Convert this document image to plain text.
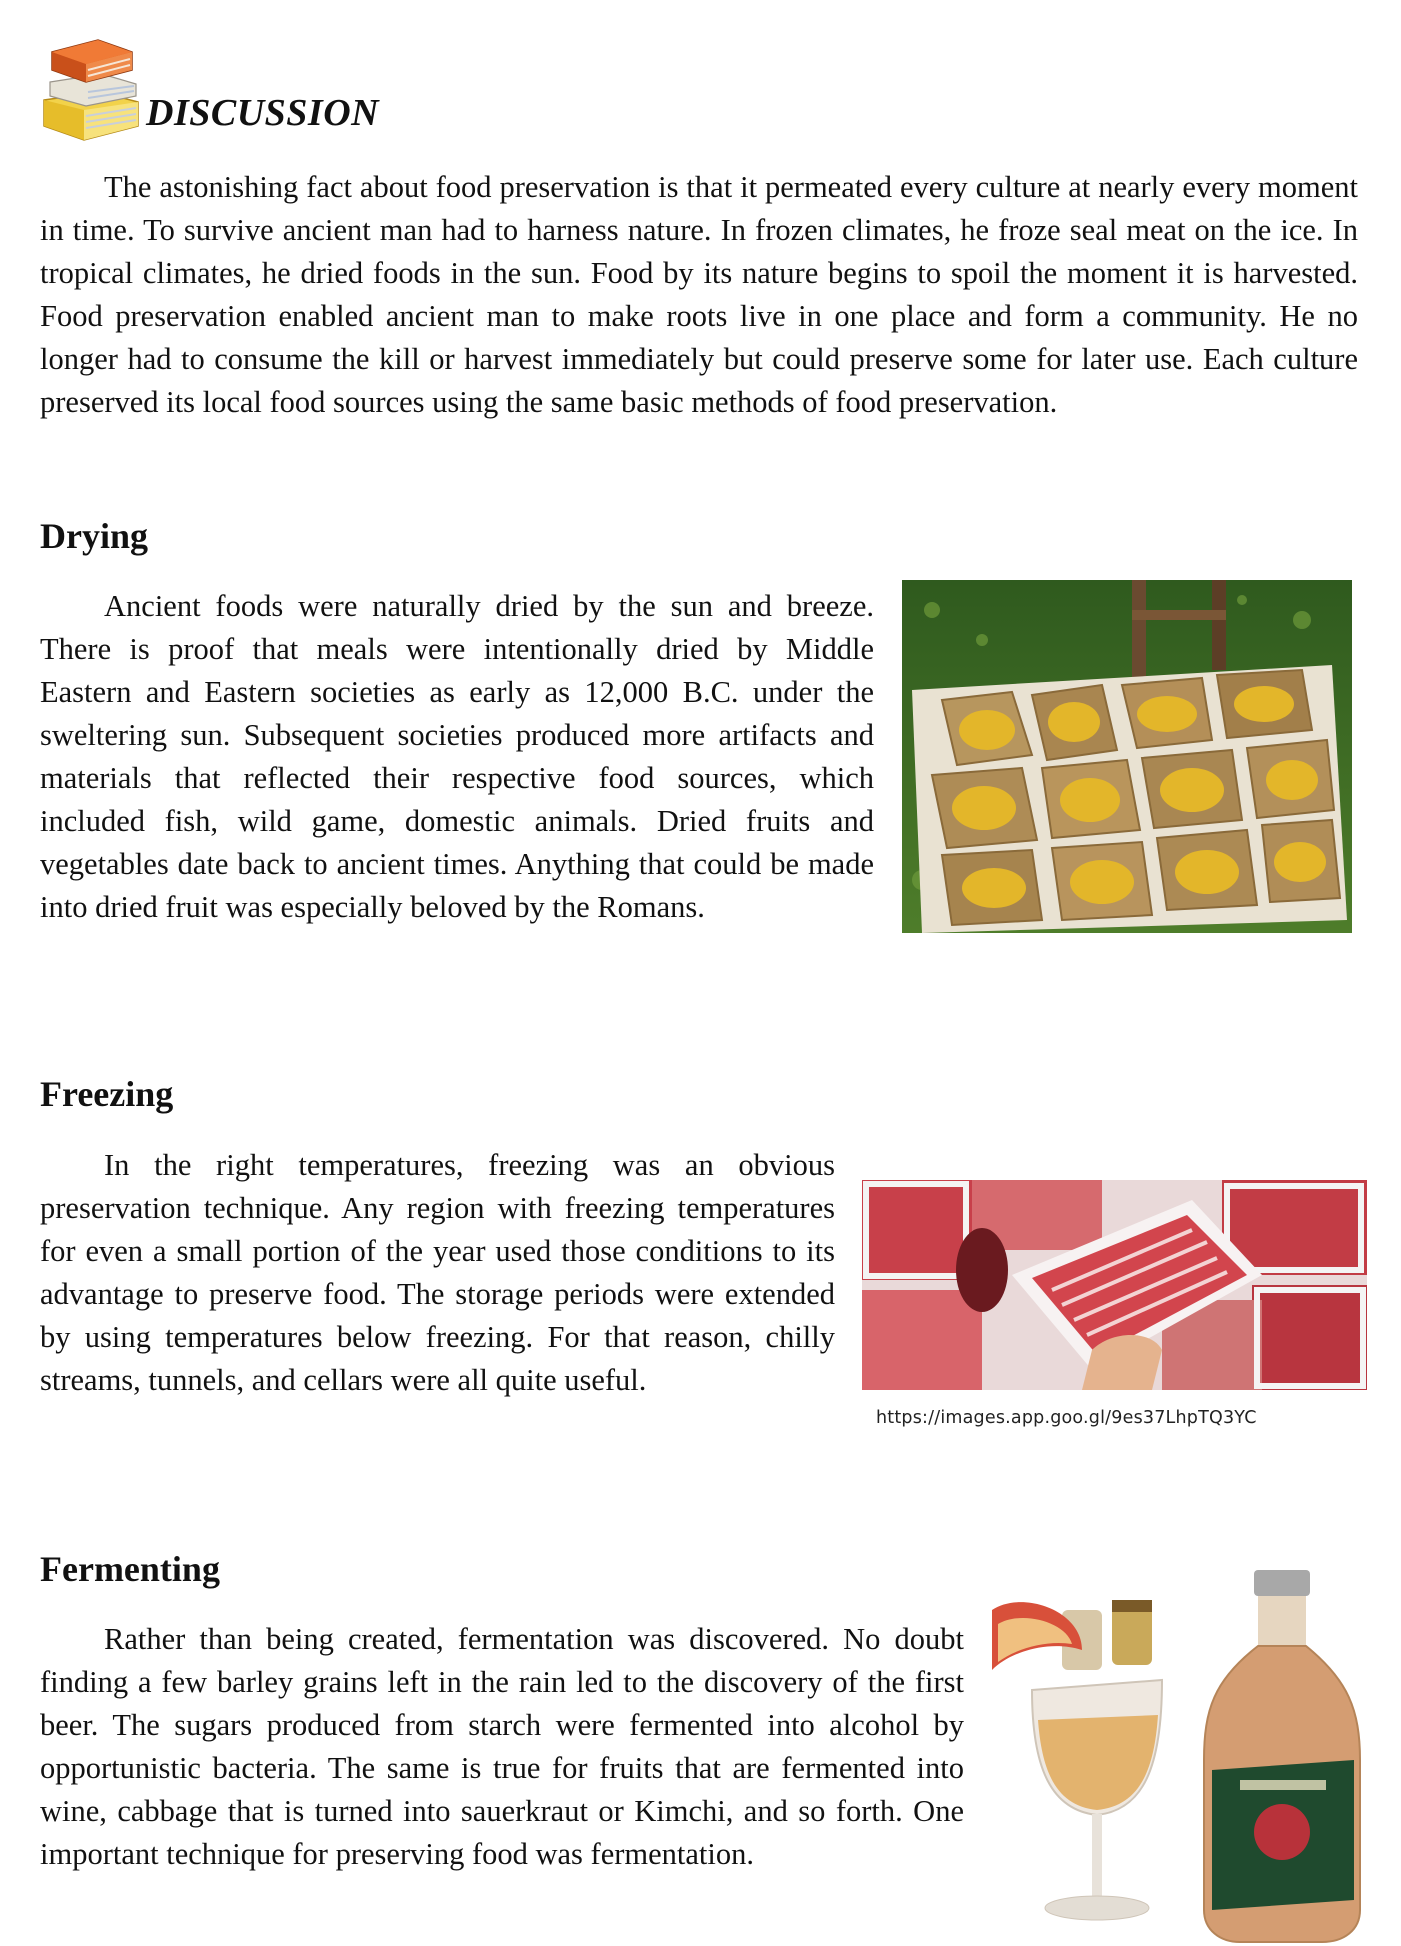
DISCUSSION

The astonishing fact about food preservation is that it permeated every culture at nearly every moment in time. To survive ancient man had to harness nature. In frozen climates, he froze seal meat on the ice. In tropical climates, he dried foods in the sun. Food by its nature begins to spoil the moment it is harvested. Food preservation enabled ancient man to make roots live in one place and form a community. He no longer had to consume the kill or harvest immediately but could preserve some for later use. Each culture preserved its local food sources using the same basic methods of food preservation.

Drying

Ancient foods were naturally dried by the sun and breeze. There is proof that meals were intentionally dried by Middle Eastern and Eastern societies as early as 12,000 B.C. under the sweltering sun. Subsequent societies produced more artifacts and materials that reflected their respective food sources, which included fish, wild game, domestic animals. Dried fruits and vegetables date back to ancient times. Anything that could be made into dried fruit was especially beloved by the Romans.

Freezing

In the right temperatures, freezing was an obvious preservation technique. Any region with freezing temperatures for even a small portion of the year used those conditions to its advantage to preserve food. The storage periods were extended by using temperatures below freezing. For that reason, chilly streams, tunnels, and cellars were all quite useful.

https://images.app.goo.gl/9es37LhpTQ3YC
Fermenting

Rather than being created, fermentation was discovered. No doubt finding a few barley grains left in the rain led to the discovery of the first beer. The sugars produced from starch were fermented into alcohol by opportunistic bacteria. The same is true for fruits that are fermented into wine, cabbage that is turned into sauerkraut or Kimchi, and so forth. One important technique for preserving food was fermentation.
